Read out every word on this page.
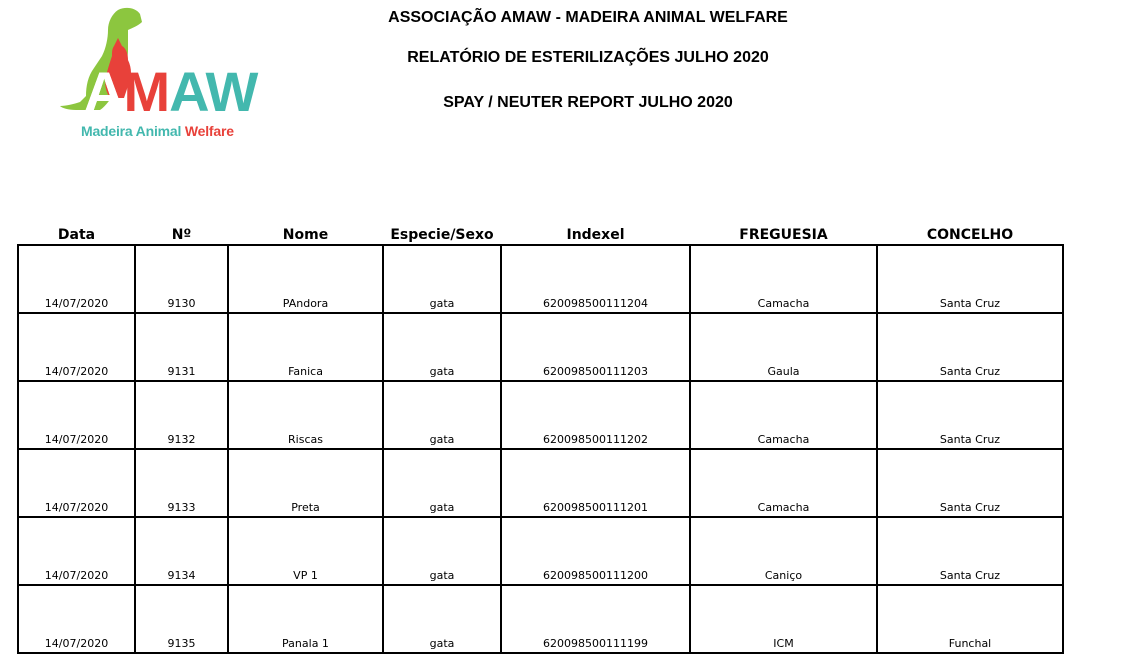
AMAW
Madeira Animal Welfare
ASSOCIAÇÃO AMAW - MADEIRA ANIMAL WELFARE
RELATÓRIO DE ESTERILIZAÇÕES JULHO 2020
SPAY / NEUTER REPORT JULHO 2020
Data	Nº	Nome	Especie/Sexo	Indexel	FREGUESIA	CONCELHO
14/07/2020	9130	PAndora	gata	620098500111204	Camacha	Santa Cruz
14/07/2020	9131	Fanica	gata	620098500111203	Gaula	Santa Cruz
14/07/2020	9132	Riscas	gata	620098500111202	Camacha	Santa Cruz
14/07/2020	9133	Preta	gata	620098500111201	Camacha	Santa Cruz
14/07/2020	9134	VP 1	gata	620098500111200	Caniço	Santa Cruz
14/07/2020	9135	Panala 1	gata	620098500111199	ICM	Funchal
